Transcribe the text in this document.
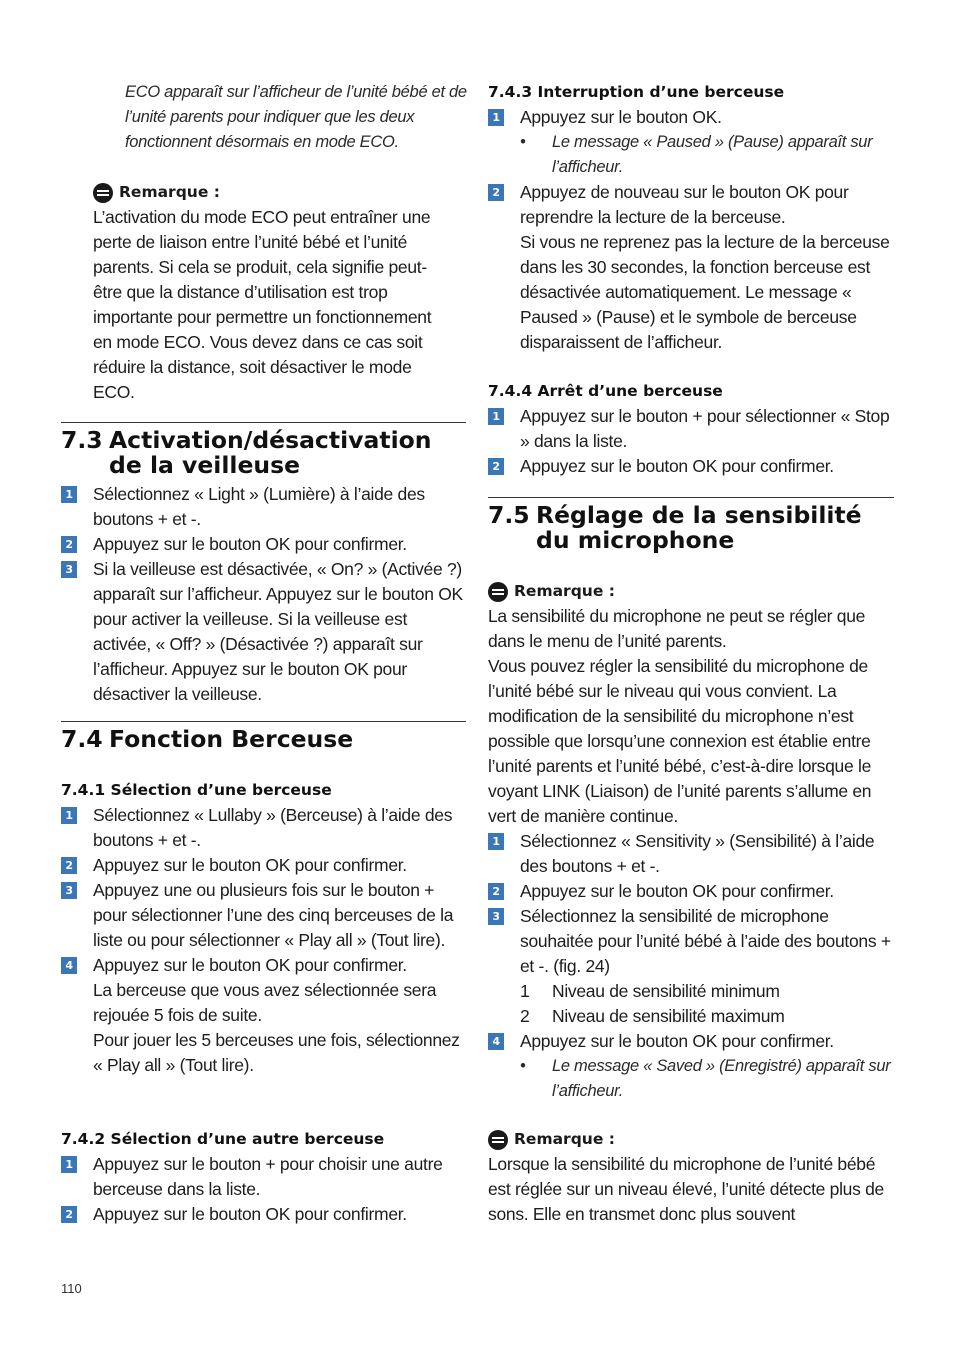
ECO apparaît sur l’afficheur de l’unité bébé et de l’unité parents pour indiquer que les deux fonctionnent désormais en mode ECO.
Remarque :
L’activation du mode ECO peut entraîner une perte de liaison entre l’unité bébé et l’unité parents. Si cela se produit, cela signifie peut-être que la distance d’utilisation est trop importante pour permettre un fonctionnement en mode ECO. Vous devez dans ce cas soit réduire la distance, soit désactiver le mode ECO.
7.3 Activation/désactivation de la veilleuse
1 Sélectionnez « Light » (Lumière) à l’aide des boutons + et -.
2 Appuyez sur le bouton OK pour confirmer.
3 Si la veilleuse est désactivée, « On? » (Activée ?) apparaît sur l’afficheur. Appuyez sur le bouton OK pour activer la veilleuse. Si la veilleuse est activée, « Off? » (Désactivée ?) apparaît sur l’afficheur. Appuyez sur le bouton OK pour désactiver la veilleuse.
7.4 Fonction Berceuse
7.4.1 Sélection d’une berceuse
1 Sélectionnez « Lullaby » (Berceuse) à l’aide des boutons + et -.
2 Appuyez sur le bouton OK pour confirmer.
3 Appuyez une ou plusieurs fois sur le bouton + pour sélectionner l’une des cinq berceuses de la liste ou pour sélectionner « Play all » (Tout lire).
4 Appuyez sur le bouton OK pour confirmer.
La berceuse que vous avez sélectionnée sera rejouée 5 fois de suite.
Pour jouer les 5 berceuses une fois, sélectionnez « Play all » (Tout lire).
7.4.2 Sélection d’une autre berceuse
1 Appuyez sur le bouton + pour choisir une autre berceuse dans la liste.
2 Appuyez sur le bouton OK pour confirmer.
7.4.3 Interruption d’une berceuse
1 Appuyez sur le bouton OK.
•	Le message « Paused » (Pause) apparaît sur l’afficheur.
2 Appuyez de nouveau sur le bouton OK pour reprendre la lecture de la berceuse.
Si vous ne reprenez pas la lecture de la berceuse dans les 30 secondes, la fonction berceuse est désactivée automatiquement. Le message « Paused » (Pause) et le symbole de berceuse disparaissent de l’afficheur.
7.4.4 Arrêt d’une berceuse
1 Appuyez sur le bouton + pour sélectionner « Stop » dans la liste.
2 Appuyez sur le bouton OK pour confirmer.
7.5 Réglage de la sensibilité du microphone
Remarque :
La sensibilité du microphone ne peut se régler que dans le menu de l’unité parents.
Vous pouvez régler la sensibilité du microphone de l’unité bébé sur le niveau qui vous convient. La modification de la sensibilité du microphone n’est possible que lorsqu’une connexion est établie entre l’unité parents et l’unité bébé, c’est-à-dire lorsque le voyant LINK (Liaison) de l’unité parents s’allume en vert de manière continue.
1 Sélectionnez « Sensitivity » (Sensibilité) à l’aide des boutons + et -.
2 Appuyez sur le bouton OK pour confirmer.
3 Sélectionnez la sensibilité de microphone souhaitée pour l’unité bébé à l’aide des boutons + et -. (fig. 24)
1	Niveau de sensibilité minimum
2	Niveau de sensibilité maximum
4 Appuyez sur le bouton OK pour confirmer.
•	Le message « Saved » (Enregistré) apparaît sur l’afficheur.
Remarque :
Lorsque la sensibilité du microphone de l’unité bébé est réglée sur un niveau élevé, l’unité détecte plus de sons. Elle en transmet donc plus souvent
110
